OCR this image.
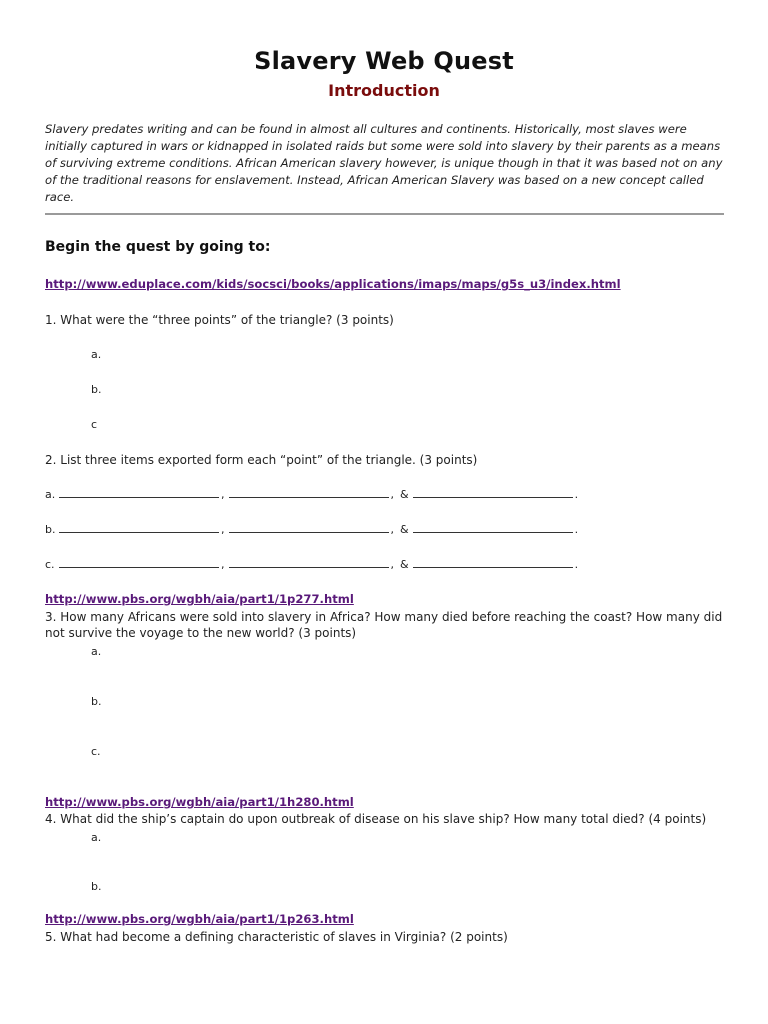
Slavery Web Quest
Introduction

Slavery predates writing and can be found in almost all cultures and continents. Historically, most slaves were initially captured in wars or kidnapped in isolated raids but some were sold into slavery by their parents as a means of surviving extreme conditions. African American slavery however, is unique though in that it was based not on any of the traditional reasons for enslavement. Instead, African American Slavery was based on a new concept called race.

Begin the quest by going to:
http://www.eduplace.com/kids/socsci/books/applications/imaps/maps/g5s_u3/index.html
1. What were the “three points” of the triangle? (3 points)
a.
b.
c
2. List three items exported form each “point” of the triangle. (3 points)
a.	,	, &	.
b.	,	, &	.
c.	,	, &	.
http://www.pbs.org/wgbh/aia/part1/1p277.html
3. How many Africans were sold into slavery in Africa? How many died before reaching the coast? How many did not survive the voyage to the new world? (3 points)
a.
b.
c.
http://www.pbs.org/wgbh/aia/part1/1h280.html
4. What did the ship’s captain do upon outbreak of disease on his slave ship? How many total died? (4 points)
a.
b.
http://www.pbs.org/wgbh/aia/part1/1p263.html
5. What had become a defining characteristic of slaves in Virginia? (2 points)
